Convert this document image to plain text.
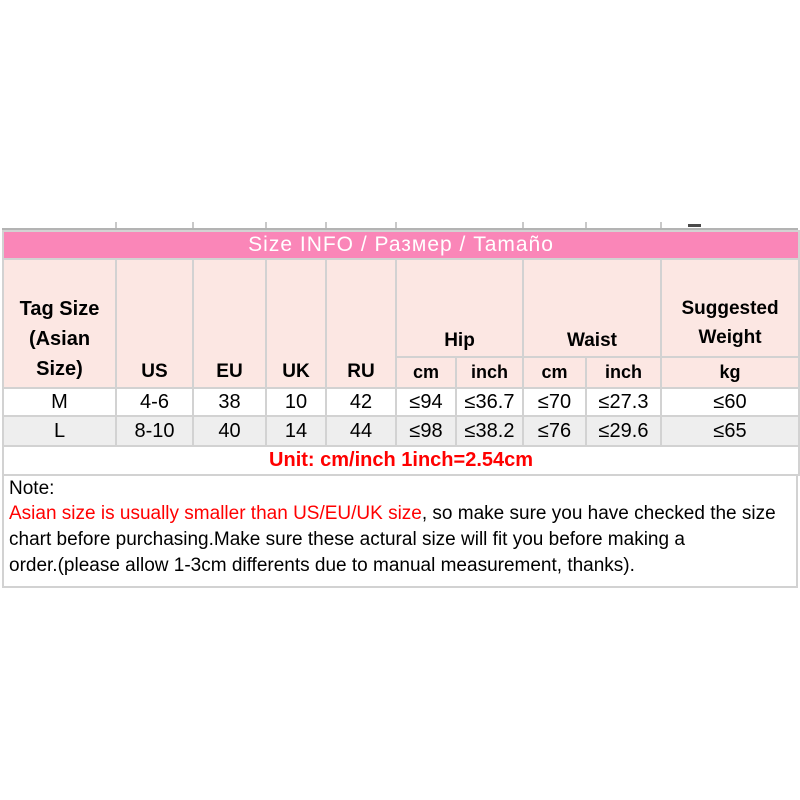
Size INFO / Размер / Tamaño									

Tag Size
(Asian
Size)	US	EU	UK	RU	Hip		Waist		Suggested Weight
					cm	inch	cm	inch	kg
M	4-6	38	10	42	≤94	≤36.7	≤70	≤27.3	≤60
L	8-10	40	14	44	≤98	≤38.2	≤76	≤29.6	≤65
Unit: cm/inch 1inch=2.54cm									
Note:
Asian size is usually smaller than US/EU/UK size, so make sure you have checked the size
chart before purchasing.Make sure these actural size will fit you before making a
order.(please allow 1-3cm differents due to manual measurement, thanks).
